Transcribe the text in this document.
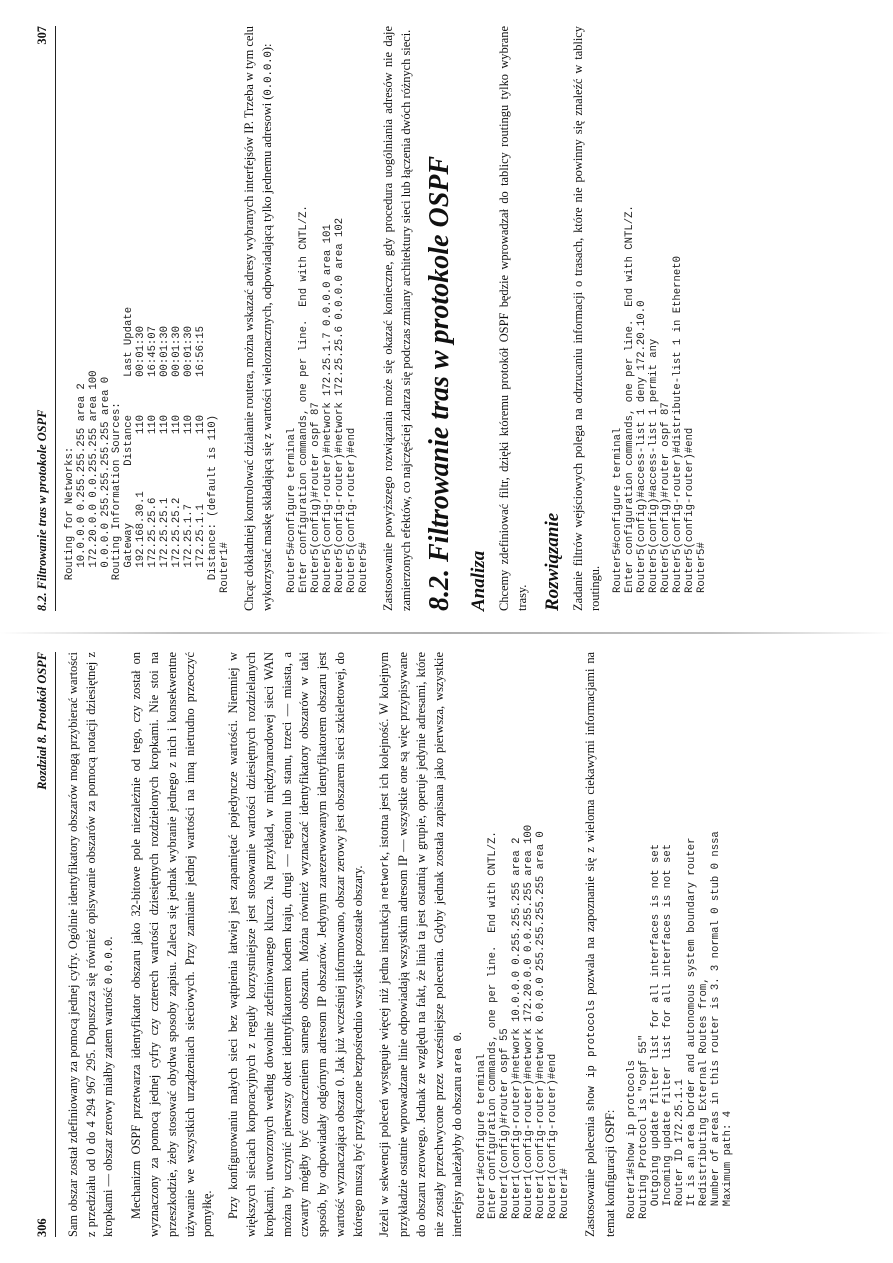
306
Rozdział 8. Protokół OSPF Sam obszar został zdefiniowany za pomocą jednej cyfry. Ogólnie identyfikatory obszarów mogą przybierać wartości z przedziału od 0 do 4 294 967 295. Dopuszcza się również opisywanie obszarów za pomocą notacji dziesiętnej z kropkami — obszar zerowy miałby zatem wartość 0.0.0.0.	Mechanizm OSPF przetwarza identyfikator obszaru jako 32-bitowe pole niezależnie od tego, czy został on wyznaczony za pomocą jednej cyfry czy czterech wartości dziesiętnych rozdzielonych kropkami. Nie stoi na przeszkodzie, żeby stosować obydwa sposoby zapisu. Zaleca się jednak wybranie jednego z nich i konsekwentne używanie we wszystkich urządzeniach sieciowych. Przy zamianie jednej wartości na inną nietrudno przeoczyć pomyłkę. Przy konfigurowaniu małych sieci bez wątpienia łatwiej jest zapamiętać pojedyncze wartości. Niemniej w większych sieciach korporacyjnych z reguły korzystniejsze jest stosowanie wartości dziesiętnych rozdzielanych kropkami, utworzonych według dowolnie zdefiniowanego klucza. Na przykład, w międzynarodowej sieci WAN można by uczynić pierwszy oktet identyfikatorem kodem kraju, drugi — regionu lub stanu, trzeci — miasta, a czwarty mógłby być oznaczeniem samego obszaru. Można również wyznaczać identyfikatory obszarów w taki sposób, by odpowiadały odgórnym adresom IP obszarów. Jedynym zarezerwowanym identyfikatorem obszaru jest wartość wyznaczająca obszar 0. Jak już wcześniej informowano, obszar zerowy jest obszarem sieci szkieletowej, do którego muszą być przyłączone bezpośrednio wszystkie pozostałe obszary. Jeżeli w sekwencji poleceń występuje więcej niż jedna instrukcja network, istotna jest ich kolejność. W kolejnym przykładzie ostatnie wprowadzane linie odpowiadają wszystkim adresom IP — wszystkie one są więc przypisywane do obszaru zerowego. Jednak ze względu na fakt, że linia ta jest ostatnią w grupie, operuje jedynie adresami, które nie zostały przechwycone przez wcześniejsze polecenia. Gdyby jednak została zapisana jako pierwsza, wszystkie interfejsy należałyby do obszaru area 0.

Router1#configure terminal Enter configuration commands, one per line.  End with CNTL/Z. Router1(config)#router ospf 55 Router1(config-router)#network 10.0.0.0 0.255.255.255 area 2 Router1(config-router)#network 172.20.0.0 0.0.255.255 area 100 Router1(config-router)#network 0.0.0.0 255.255.255.255 area 0 Router1(config-router)#end Router1# Zastosowanie polecenia show ip protocols pozwala na zapoznanie się z wieloma ciekawymi informacjami na temat konfiguracji OSPF: Router1#show ip protocols Routing Protocol is "ospf 55" Outgoing update filter list for all interfaces is not set Incoming update filter list for all interfaces is not set Router ID 172.25.1.1 It is an area border and autonomous system boundary router Redistributing External Routes from, Number of areas in this router is 3. 3 normal 0 stub 0 nssa Maximum path: 4
8.2. Filtrowanie tras w protokole OSPF
307
Routing for Networks: 10.0.0.0 0.255.255.255 area 2 172.20.0.0 0.0.255.255 area 100 0.0.0.0 255.255.255.255 area 0 Routing Information Sources: Gateway         Distance      Last Update 192.168.30.1         110      00:01:30 172.25.25.6          110      16:45:07 172.25.25.1          110      00:01:30 172.25.25.2          110      00:01:30 172.25.1.7           110      00:01:30 172.25.1.1           110      16:56:15 Distance: (default is 110) Router1# Chcąc dokładniej kontrolować działanie routera, można wskazać adresy wybranych interfejsów IP. Trzeba w tym celu wykorzystać maskę składającą się z wartości wieloznacznych, odpowiadającą tylko jednemu adresowi (0.0.0.0):

Router5#configure terminal Enter configuration commands, one per line.  End with CNTL/Z. Router5(config)#router ospf 87 Router5(config-router)#network 172.25.1.7 0.0.0.0 area 101 Router5(config-router)#network 172.25.25.6 0.0.0.0 area 102 Router5(config-router)#end Router5# Zastosowanie powyższego rozwiązania może się okazać konieczne, gdy procedura uogólniania adresów nie daje zamierzonych efektów, co najczęściej zdarza się podczas zmiany architektury sieci lub łączenia dwóch różnych sieci. 8.2. Filtrowanie tras w protokole OSPF Analiza Chcemy zdefiniować filtr, dzięki któremu protokół OSPF będzie wprowadzał do tablicy routingu tylko wybrane trasy. Rozwiązanie Zadanie filtrów wejściowych polega na odrzucaniu informacji o trasach, które nie powinny się znaleźć w tablicy routingu. Router5#configure terminal Enter configuration commands, one per line.  End with CNTL/Z. Router5(config)#access-list 1 deny 172.20.10.0 Router5(config)#access-list 1 permit any Router5(config)#router ospf 87 Router5(config-router)#distribute-list 1 in Ethernet0 Router5(config-router)#end Router5#
